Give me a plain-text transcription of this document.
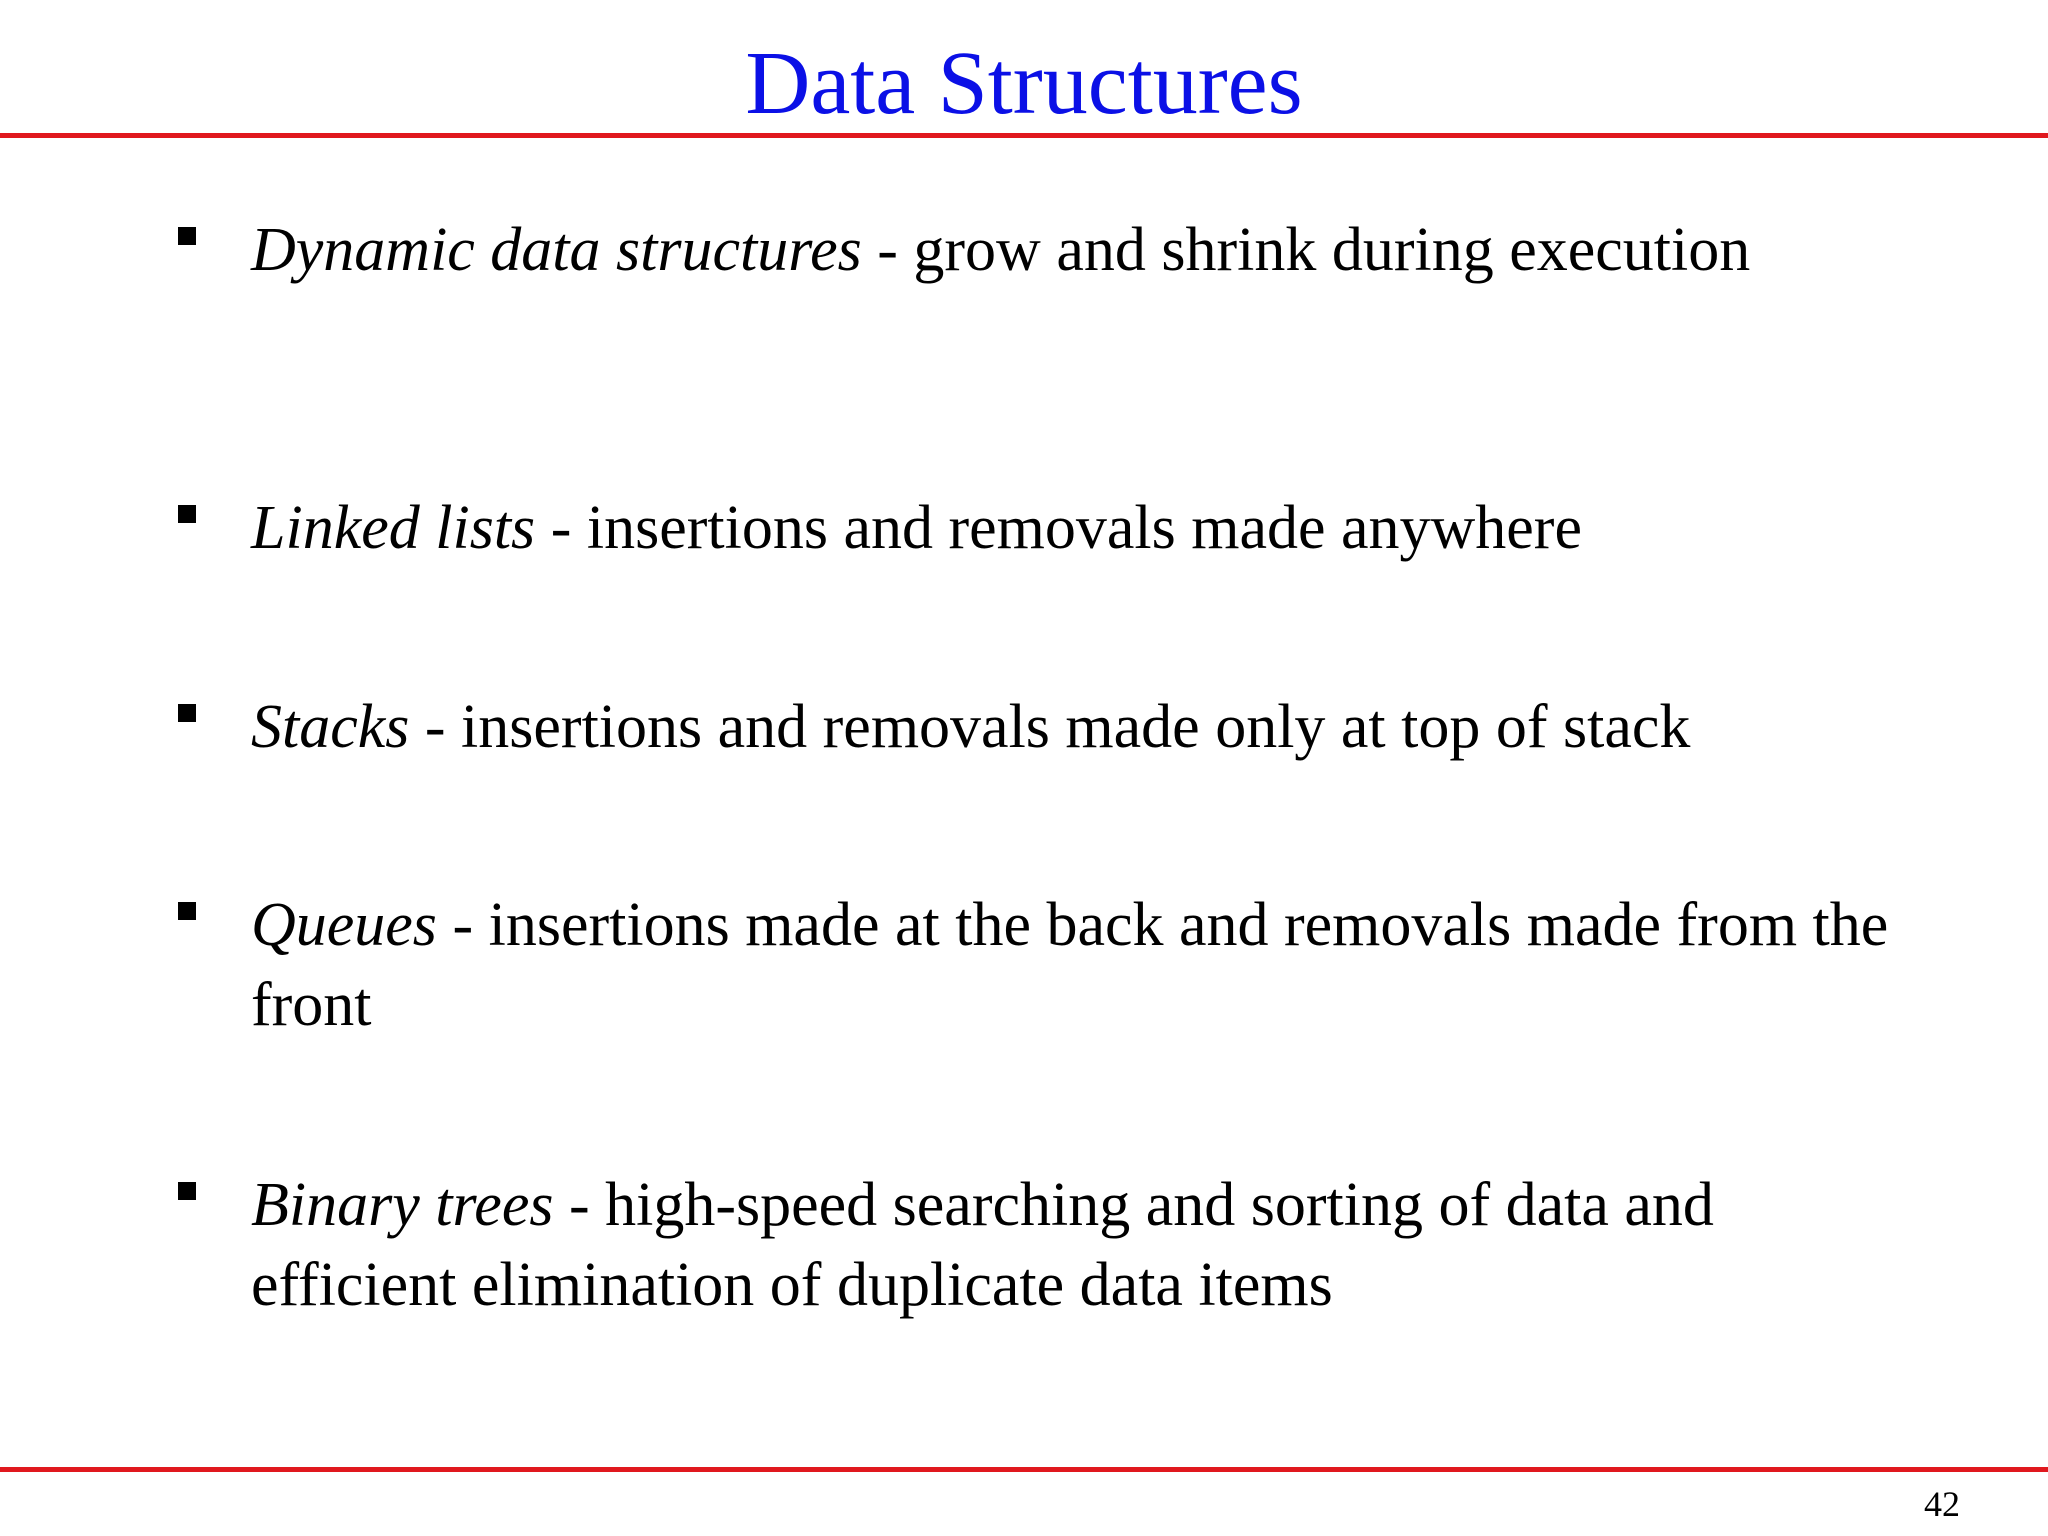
Data Structures

Dynamic data structures - grow and shrink during execution

Linked lists - insertions and removals made anywhere

Stacks - insertions and removals made only at top of stack

Queues - insertions made at the back and removals made from the front

Binary trees - high-speed searching and sorting of data and efficient elimination of duplicate data items

42
